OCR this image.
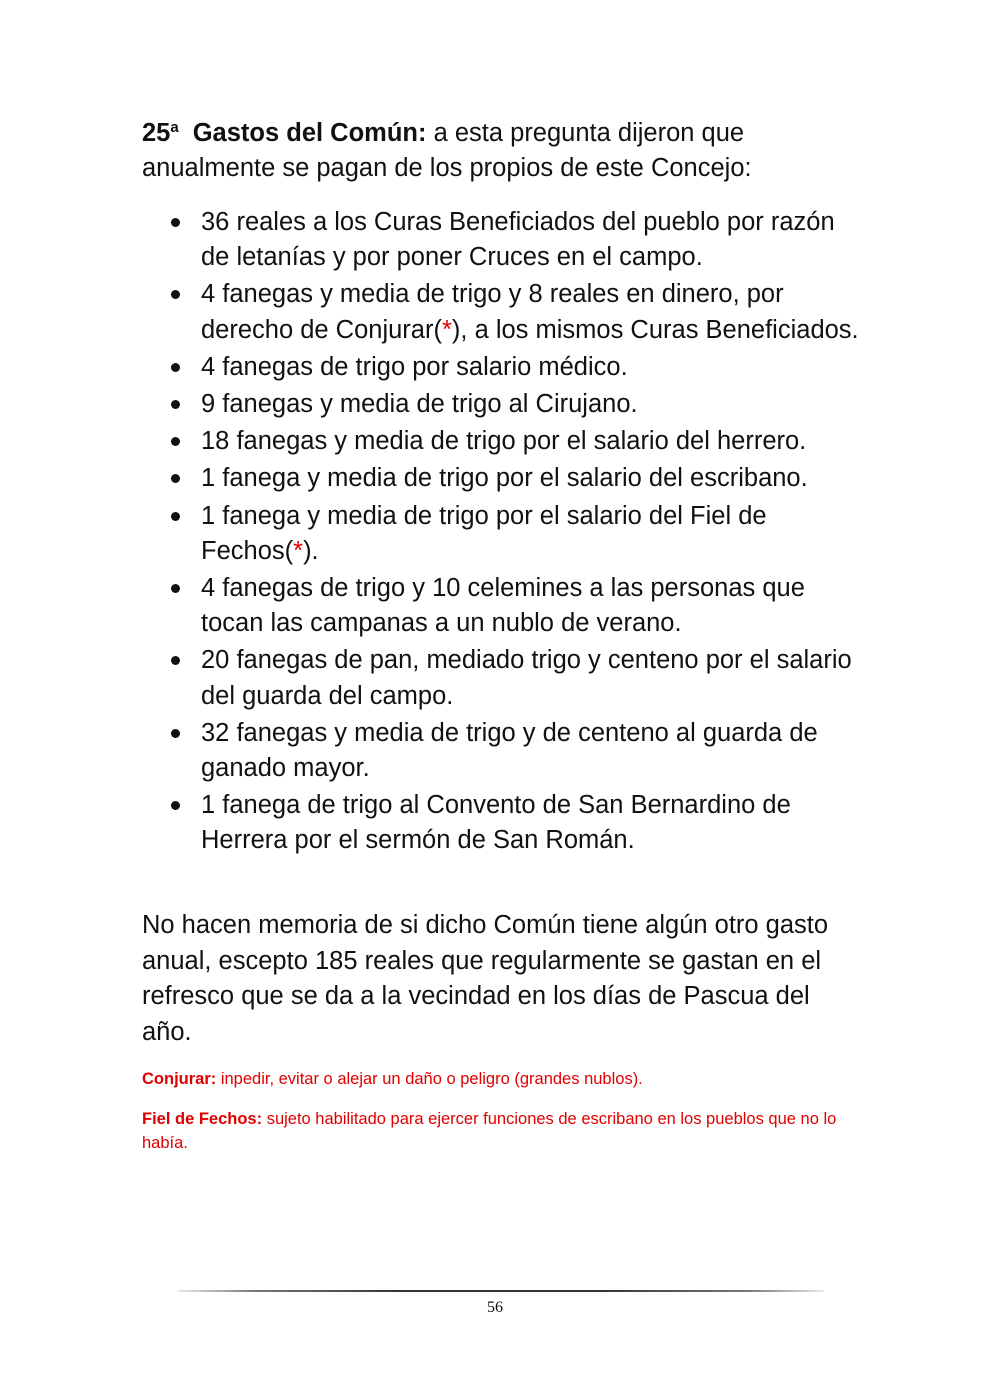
25$^a$ Gastos del Común: a esta pregunta dijeron que anualmente se pagan de los propios de este Concejo:

36 reales a los Curas Beneficiados del pueblo por razón de letanías y por poner Cruces en el campo.
4 fanegas y media de trigo y 8 reales en dinero, por derecho de Conjurar(*), a los mismos Curas Beneficiados.
4 fanegas de trigo por salario médico.
9 fanegas y media de trigo al Cirujano.
18 fanegas y media de trigo por el salario del herrero.
1 fanega y media de trigo por el salario del escribano.
1 fanega y media de trigo por el salario del Fiel de Fechos(*).
4 fanegas de trigo y 10 celemines a las personas que tocan las campanas a un nublo de verano.
20 fanegas de pan, mediado trigo y centeno por el salario del guarda del campo.
32 fanegas y media de trigo y de centeno al guarda de ganado mayor.
1 fanega de trigo al Convento de San Bernardino de Herrera por el sermón de San Román.

No hacen memoria de si dicho Común tiene algún otro gasto anual, escepto 185 reales que regularmente se gastan en el refresco que se da a la vecindad en los días de Pascua del año.

Conjurar: inpedir, evitar o alejar un daño o peligro (grandes nublos).

Fiel de Fechos: sujeto habilitado para ejercer funciones de escribano en los pueblos que no lo había.

56
